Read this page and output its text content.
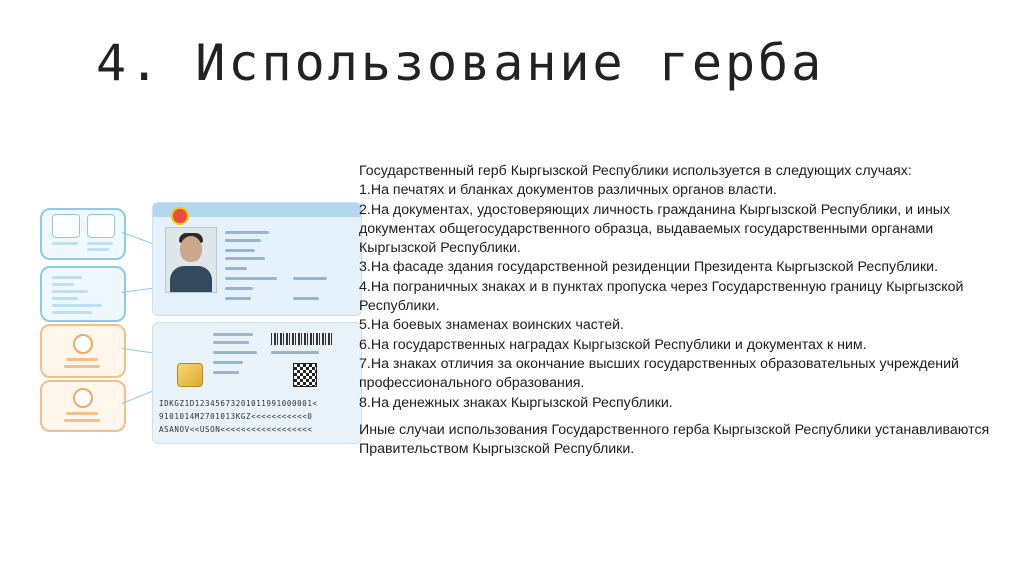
4. Использование герба
IDKGZ1D12345673201011991000001<
9101014M2701013KGZ<<<<<<<<<<<0
ASANOV<<USON<<<<<<<<<<<<<<<<<<

Государственный герб Кыргызской Республики используется в следующих случаях:

1.На печатях и бланках документов различных органов власти.

2.На документах, удостоверяющих личность гражданина Кыргызской Республики, и иных документах общегосударственного образца, выдаваемых государственными органами Кыргызской Республики.

3.На фасаде здания государственной резиденции Президента Кыргызской Республики.

4.На пограничных знаках и в пунктах пропуска через Государственную границу Кыргызской Республики.

5.На боевых знаменах воинских частей.

6.На государственных наградах Кыргызской Республики и документах к ним.

7.На знаках отличия за окончание высших государственных образовательных учреждений профессионального образования.

8.На денежных знаках Кыргызской Республики.

Иные случаи использования Государственного герба Кыргызской Республики устанавливаются Правительством Кыргызской Республики.
